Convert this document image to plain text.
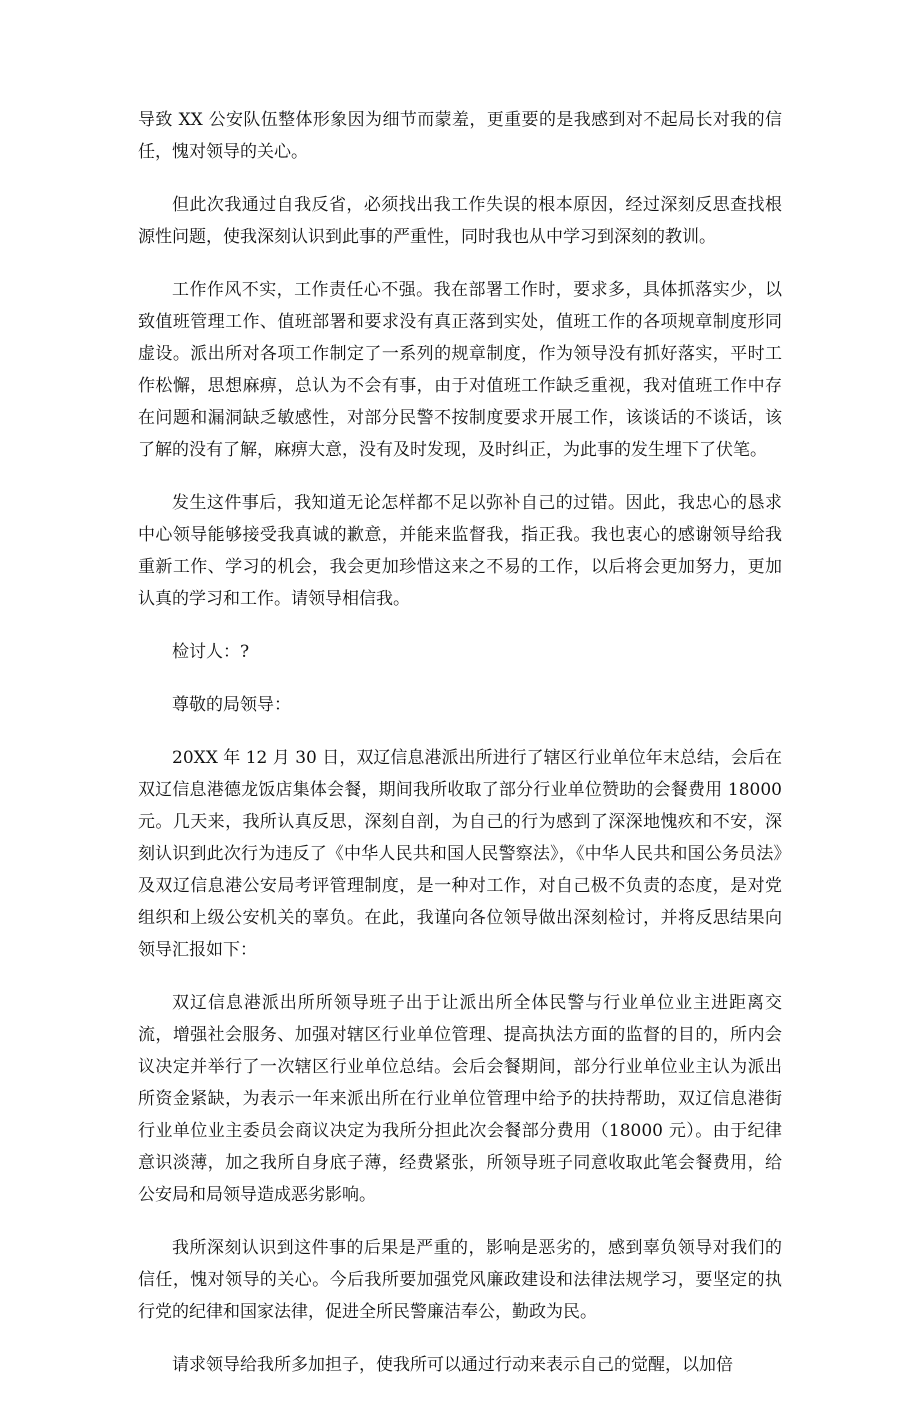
导致 XX 公安队伍整体形象因为细节而蒙羞，更重要的是我感到对不起局长对我的信任，愧对领导的关心。

但此次我通过自我反省，必须找出我工作失误的根本原因，经过深刻反思查找根源性问题，使我深刻认识到此事的严重性，同时我也从中学习到深刻的教训。

工作作风不实，工作责任心不强。我在部署工作时，要求多，具体抓落实少，以致值班管理工作、值班部署和要求没有真正落到实处，值班工作的各项规章制度形同虚设。派出所对各项工作制定了一系列的规章制度，作为领导没有抓好落实，平时工作松懈，思想麻痹，总认为不会有事，由于对值班工作缺乏重视，我对值班工作中存在问题和漏洞缺乏敏感性，对部分民警不按制度要求开展工作，该谈话的不谈话，该了解的没有了解，麻痹大意，没有及时发现，及时纠正，为此事的发生埋下了伏笔。

发生这件事后，我知道无论怎样都不足以弥补自己的过错。因此，我忠心的恳求中心领导能够接受我真诚的歉意，并能来监督我，指正我。我也衷心的感谢领导给我重新工作、学习的机会，我会更加珍惜这来之不易的工作，以后将会更加努力，更加认真的学习和工作。请领导相信我。

检讨人：?

尊敬的局领导：

20XX 年 12 月 30 日，双辽信息港派出所进行了辖区行业单位年末总结，会后在双辽信息港德龙饭店集体会餐，期间我所收取了部分行业单位赞助的会餐费用 18000 元。几天来，我所认真反思，深刻自剖，为自己的行为感到了深深地愧疚和不安，深刻认识到此次行为违反了《中华人民共和国人民警察法》，《中华人民共和国公务员法》及双辽信息港公安局考评管理制度，是一种对工作，对自己极不负责的态度，是对党组织和上级公安机关的辜负。在此，我谨向各位领导做出深刻检讨，并将反思结果向领导汇报如下：

双辽信息港派出所所领导班子出于让派出所全体民警与行业单位业主进距离交流，增强社会服务、加强对辖区行业单位管理、提高执法方面的监督的目的，所内会议决定并举行了一次辖区行业单位总结。会后会餐期间，部分行业单位业主认为派出所资金紧缺，为表示一年来派出所在行业单位管理中给予的扶持帮助，双辽信息港街行业单位业主委员会商议决定为我所分担此次会餐部分费用（18000 元）。由于纪律意识淡薄，加之我所自身底子薄，经费紧张，所领导班子同意收取此笔会餐费用，给公安局和局领导造成恶劣影响。

我所深刻认识到这件事的后果是严重的，影响是恶劣的，感到辜负领导对我们的信任，愧对领导的关心。今后我所要加强党风廉政建设和法律法规学习，要坚定的执行党的纪律和国家法律，促进全所民警廉洁奉公，勤政为民。

请求领导给我所多加担子，使我所可以通过行动来表示自己的觉醒，以加倍
